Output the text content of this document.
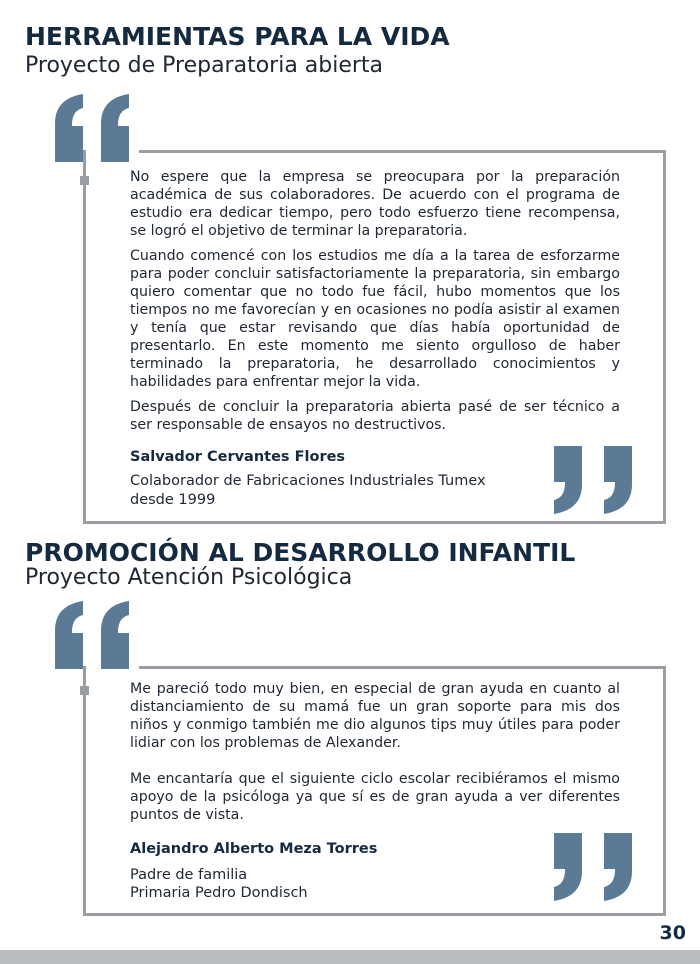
HERRAMIENTAS PARA LA VIDA
Proyecto de Preparatoria abierta

No espere que la empresa se preocupara por la preparación académica de sus colaboradores. De acuerdo con el programa de estudio era dedicar tiempo, pero todo esfuerzo tiene recompensa, se logró el objetivo de terminar la preparatoria.

Cuando comencé con los estudios me día a la tarea de esforzarme para poder concluir satisfactoriamente la preparatoria, sin embargo quiero comentar que no todo fue fácil, hubo momentos que los tiempos no me favorecían y en ocasiones no podía asistir al examen y tenía que estar revisando que días había oportunidad de presentarlo. En este momento me siento orgulloso de haber terminado la preparatoria, he desarrollado conocimientos y habilidades para enfrentar mejor la vida.

Después de concluir la preparatoria abierta pasé de ser técnico a ser responsable de ensayos no destructivos.

Salvador Cervantes Flores

Colaborador de Fabricaciones Industriales Tumex

desde 1999

PROMOCIÓN AL DESARROLLO INFANTIL
Proyecto Atención Psicológica

Me pareció todo muy bien, en especial de gran ayuda en cuanto al distanciamiento de su mamá fue un gran soporte para mis dos niños y conmigo también me dio algunos tips muy útiles para poder lidiar con los problemas de Alexander.

Me encantaría que el siguiente ciclo escolar recibiéramos el mismo apoyo de la psicóloga ya que sí es de gran ayuda a ver diferentes puntos de vista.

Alejandro Alberto Meza Torres

Padre de familia

Primaria Pedro Dondisch

30
